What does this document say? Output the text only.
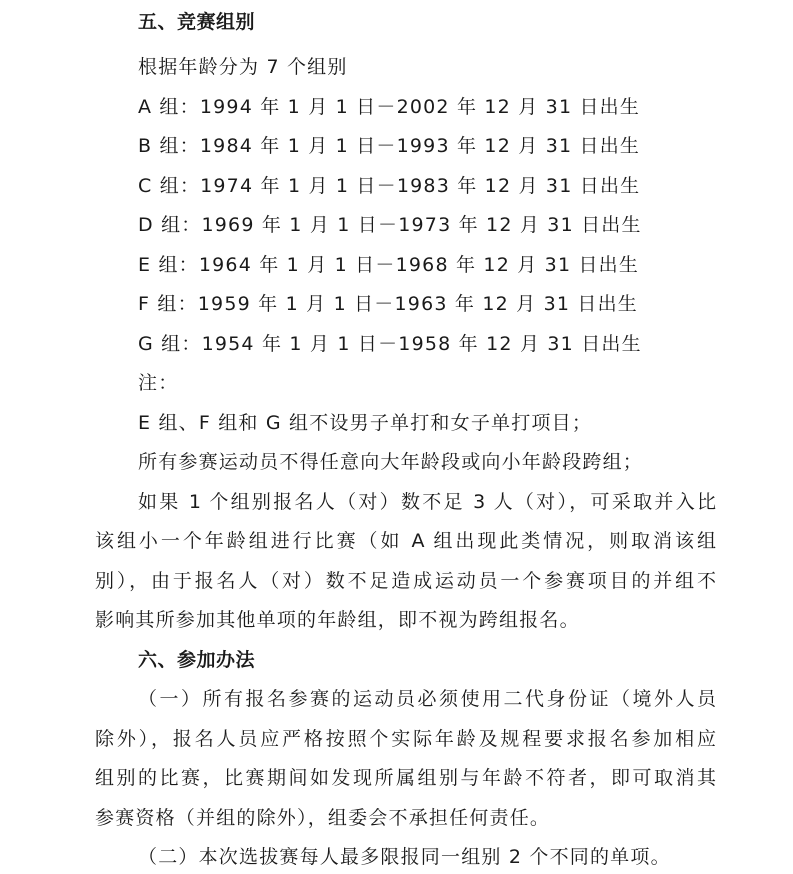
五、竞赛组别
根据年龄分为 7 个组别
A 组：1994 年 1 月 1 日－2002 年 12 月 31 日出生
B 组：1984 年 1 月 1 日－1993 年 12 月 31 日出生
C 组：1974 年 1 月 1 日－1983 年 12 月 31 日出生
D 组：1969 年 1 月 1 日－1973 年 12 月 31 日出生
E 组：1964 年 1 月 1 日－1968 年 12 月 31 日出生
F 组：1959 年 1 月 1 日－1963 年 12 月 31 日出生
G 组：1954 年 1 月 1 日－1958 年 12 月 31 日出生
注：
E 组、F 组和 G 组不设男子单打和女子单打项目；
所有参赛运动员不得任意向大年龄段或向小年龄段跨组；
如果 1 个组别报名人（对）数不足 3 人（对），可采取并入比
该组小一个年龄组进行比赛（如 A 组出现此类情况，则取消该组
别），由于报名人（对）数不足造成运动员一个参赛项目的并组不
影响其所参加其他单项的年龄组，即不视为跨组报名。
六、参加办法
（一）所有报名参赛的运动员必须使用二代身份证（境外人员
除外），报名人员应严格按照个实际年龄及规程要求报名参加相应
组别的比赛，比赛期间如发现所属组别与年龄不符者，即可取消其
参赛资格（并组的除外），组委会不承担任何责任。
（二）本次选拔赛每人最多限报同一组别 2 个不同的单项。
